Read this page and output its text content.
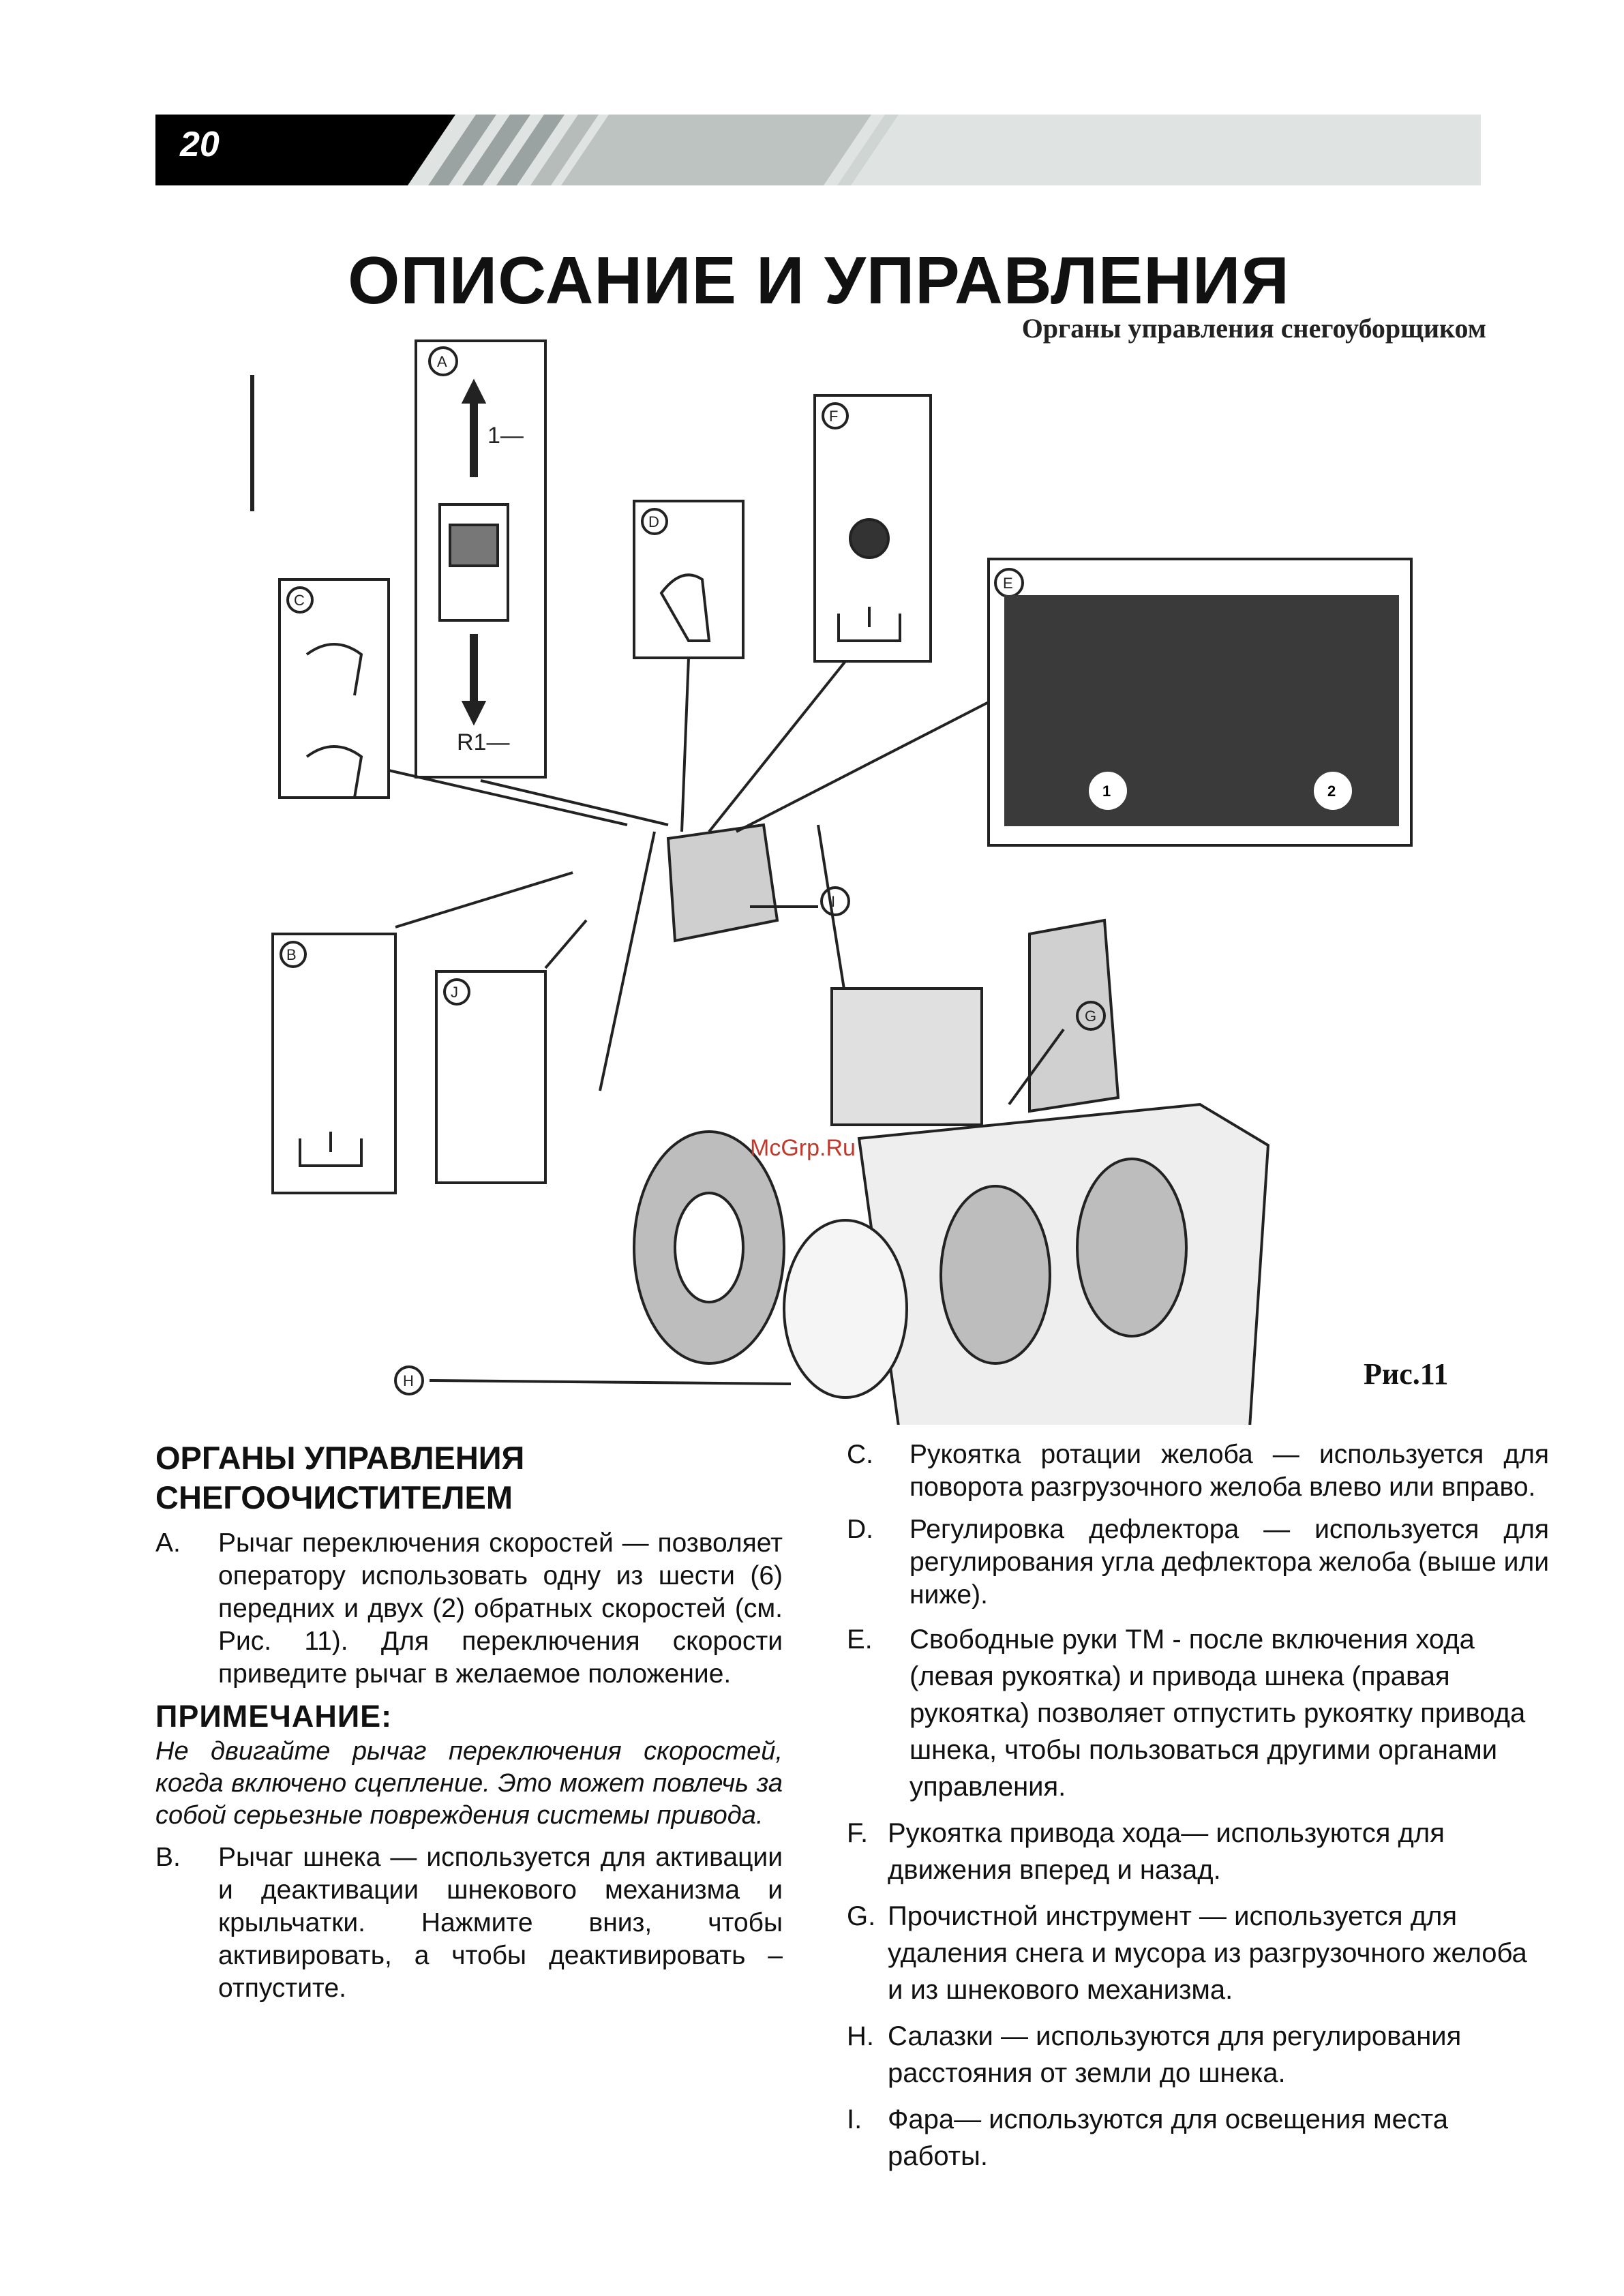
20
ОПИСАНИЕ И УПРАВЛЕНИЯ
Органы управления снегоуборщиком
A
B
C
D
E
F
G
H
I
J
1—
R1—
1	2
McGrp.Ru
Рис.11
ОРГАНЫ УПРАВЛЕНИЯ СНЕГООЧИСТИТЕЛЕМ
A.	Рычаг переключения скоростей — позволяет оператору использовать одну из шести (6) передних и двух (2) обратных скоростей (см. Рис. 11). Для переключения скорости приведите рычаг в желаемое положение.
ПРИМЕЧАНИЕ:
Не двигайте рычаг переключения скоростей, когда включено сцепление. Это может повлечь за собой серьезные повреждения системы привода.
B.	Рычаг шнека — используется для активации и деактивации шнекового механизма и крыльчатки. Нажмите вниз, чтобы активировать, а чтобы деактивировать – отпустите.
C.	Рукоятка ротации желоба — используется для поворота разгрузочного желоба влево или вправо.
D.	Регулировка дефлектора — используется для регулирования угла дефлектора желоба (выше или ниже).
E.	Свободные руки ТМ - после включения хода (левая рукоятка) и привода шнека (правая рукоятка) позволяет отпустить рукоятку привода шнека, чтобы пользоваться другими органами управления.
F. Рукоятка привода хода— используются для движения вперед и назад.
G. Прочистной инструмент — используется для удаления снега и мусора из разгрузочного желоба и из шнекового механизма.
H. Салазки — используются для регулирования расстояния от земли до шнека.
I. Фара— используются для освещения места работы.
